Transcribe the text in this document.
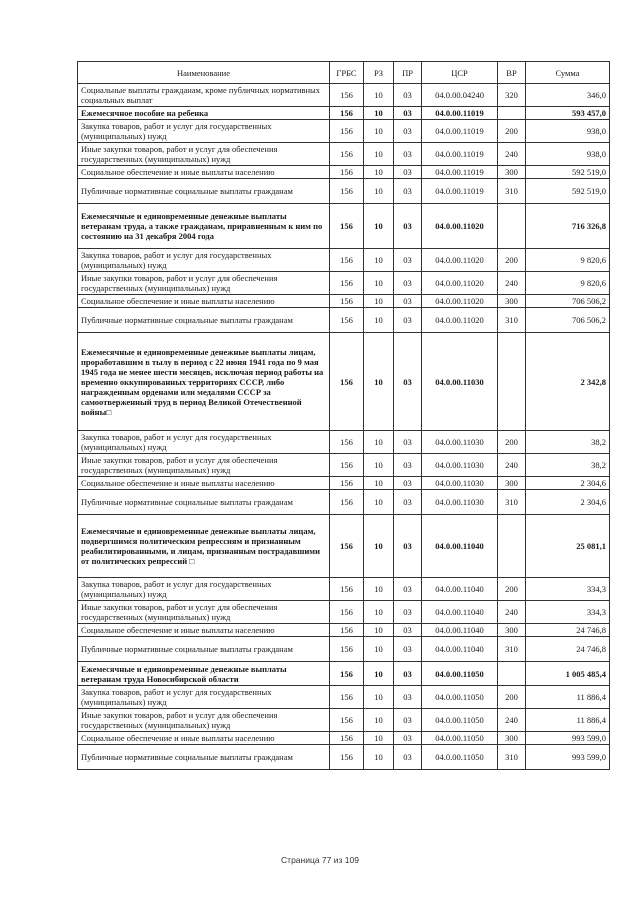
Наименование	ГРБС	РЗ	ПР	ЦСР	ВР	Сумма
Социальные выплаты гражданам, кроме публичных нормативных социальных выплат	156	10	03	04.0.00.04240	320	346,0
Ежемесячное пособие на ребенка	156	10	03	04.0.00.11019		593 457,0
Закупка товаров, работ и услуг для государственных (муниципальных) нужд	156	10	03	04.0.00.11019	200	938,0
Иные закупки товаров, работ и услуг для обеспечения государственных (муниципальных) нужд	156	10	03	04.0.00.11019	240	938,0
Социальное обеспечение и иные выплаты населению	156	10	03	04.0.00.11019	300	592 519,0
Публичные нормативные социальные выплаты гражданам	156	10	03	04.0.00.11019	310	592 519,0
Ежемесячные и единовременные денежные выплаты ветеранам труда, а также гражданам, приравненным к ним по состоянию на 31 декабря 2004 года	156	10	03	04.0.00.11020		716 326,8
Закупка товаров, работ и услуг для государственных (муниципальных) нужд	156	10	03	04.0.00.11020	200	9 820,6
Иные закупки товаров, работ и услуг для обеспечения государственных (муниципальных) нужд	156	10	03	04.0.00.11020	240	9 820,6
Социальное обеспечение и иные выплаты населению	156	10	03	04.0.00.11020	300	706 506,2
Публичные нормативные социальные выплаты гражданам	156	10	03	04.0.00.11020	310	706 506,2
Ежемесячные и единовременные денежные выплаты лицам, проработавшим в тылу в период с 22 июня 1941 года по 9 мая 1945 года не менее шести месяцев, исключая период работы на временно оккупированных территориях СССР, либо награжденным орденами или медалями СССР за самоотверженный труд в период Великой Отечественной войны□	156	10	03	04.0.00.11030		2 342,8
Закупка товаров, работ и услуг для государственных (муниципальных) нужд	156	10	03	04.0.00.11030	200	38,2
Иные закупки товаров, работ и услуг для обеспечения государственных (муниципальных) нужд	156	10	03	04.0.00.11030	240	38,2
Социальное обеспечение и иные выплаты населению	156	10	03	04.0.00.11030	300	2 304,6
Публичные нормативные социальные выплаты гражданам	156	10	03	04.0.00.11030	310	2 304,6
Ежемесячные и единовременные денежные выплаты лицам, подвергшимся политическим репрессиям и признанным реабилитированными, и лицам, признанным пострадавшими от политических репрессий □	156	10	03	04.0.00.11040		25 081,1
Закупка товаров, работ и услуг для государственных (муниципальных) нужд	156	10	03	04.0.00.11040	200	334,3
Иные закупки товаров, работ и услуг для обеспечения государственных (муниципальных) нужд	156	10	03	04.0.00.11040	240	334,3
Социальное обеспечение и иные выплаты населению	156	10	03	04.0.00.11040	300	24 746,8
Публичные нормативные социальные выплаты гражданам	156	10	03	04.0.00.11040	310	24 746,8
Ежемесячные и единовременные денежные выплаты ветеранам труда Новосибирской области	156	10	03	04.0.00.11050		1 005 485,4
Закупка товаров, работ и услуг для государственных (муниципальных) нужд	156	10	03	04.0.00.11050	200	11 886,4
Иные закупки товаров, работ и услуг для обеспечения государственных (муниципальных) нужд	156	10	03	04.0.00.11050	240	11 886,4
Социальное обеспечение и иные выплаты населению	156	10	03	04.0.00.11050	300	993 599,0
Публичные нормативные социальные выплаты гражданам	156	10	03	04.0.00.11050	310	993 599,0
Страница 77 из 109
